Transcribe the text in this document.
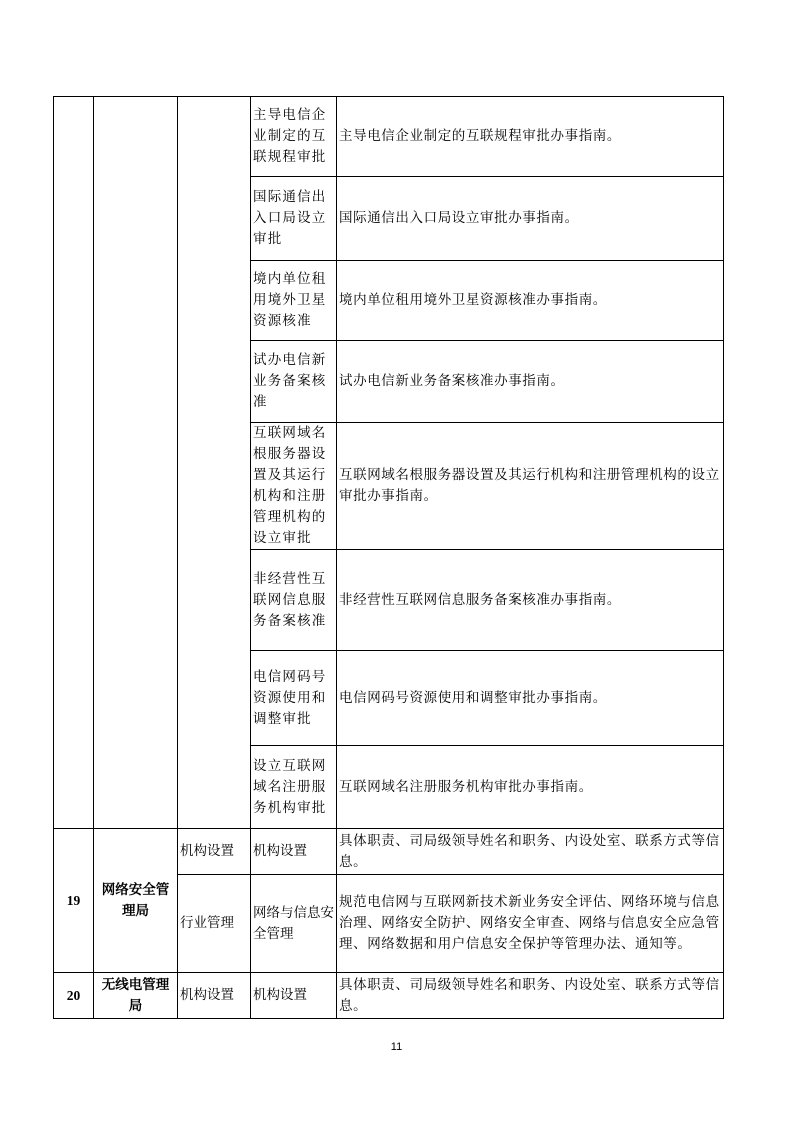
			主导电信企业制定的互联规程审批	主导电信企业制定的互联规程审批办事指南。
			国际通信出入口局设立审批	国际通信出入口局设立审批办事指南。
			境内单位租用境外卫星资源核准	境内单位租用境外卫星资源核准办事指南。
			试办电信新业务备案核准	试办电信新业务备案核准办事指南。
			互联网域名根服务器设置及其运行机构和注册管理机构的设立审批	互联网域名根服务器设置及其运行机构和注册管理机构的设立审批办事指南。
			非经营性互联网信息服务备案核准	非经营性互联网信息服务备案核准办事指南。
			电信网码号资源使用和调整审批	电信网码号资源使用和调整审批办事指南。
			设立互联网域名注册服务机构审批	互联网域名注册服务机构审批办事指南。
19	网络安全管理局	机构设置	机构设置	具体职责、司局级领导姓名和职务、内设处室、联系方式等信息。
		行业管理	网络与信息安全管理	规范电信网与互联网新技术新业务安全评估、网络环境与信息治理、网络安全防护、网络安全审查、网络与信息安全应急管理、网络数据和用户信息安全保护等管理办法、通知等。
20	无线电管理局	机构设置	机构设置	具体职责、司局级领导姓名和职务、内设处室、联系方式等信息。
11
